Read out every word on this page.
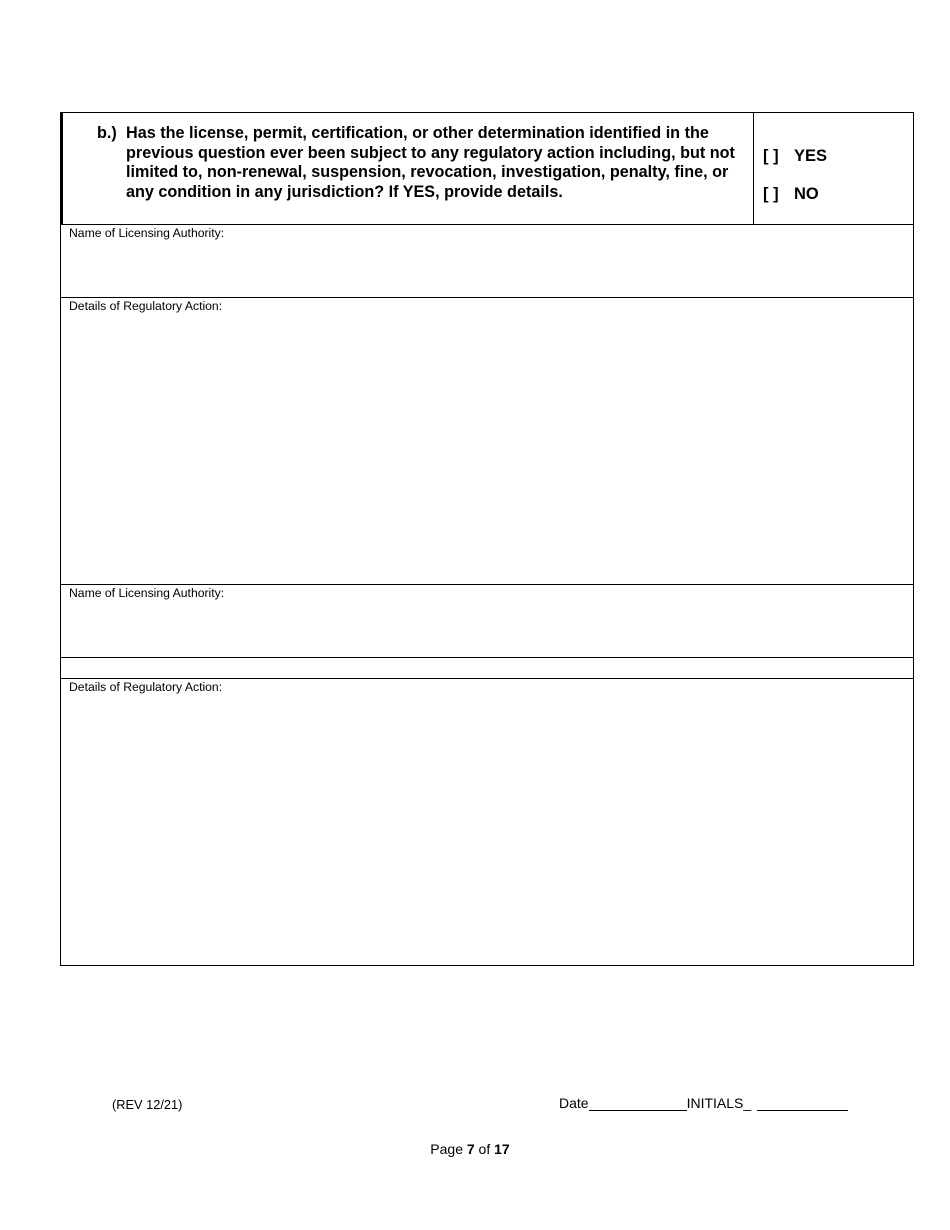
b.) Has the license, permit, certification, or other determination identified in the previous question ever been subject to any regulatory action including, but not limited to, non-renewal, suspension, revocation, investigation, penalty, fine, or any condition in any jurisdiction? If YES, provide details.
[ ] YES
[ ] NO
Name of Licensing Authority:
Details of Regulatory Action:
Name of Licensing Authority:
Details of Regulatory Action:
(REV 12/21)	Date	INITIALS_
Page 7 of 17
